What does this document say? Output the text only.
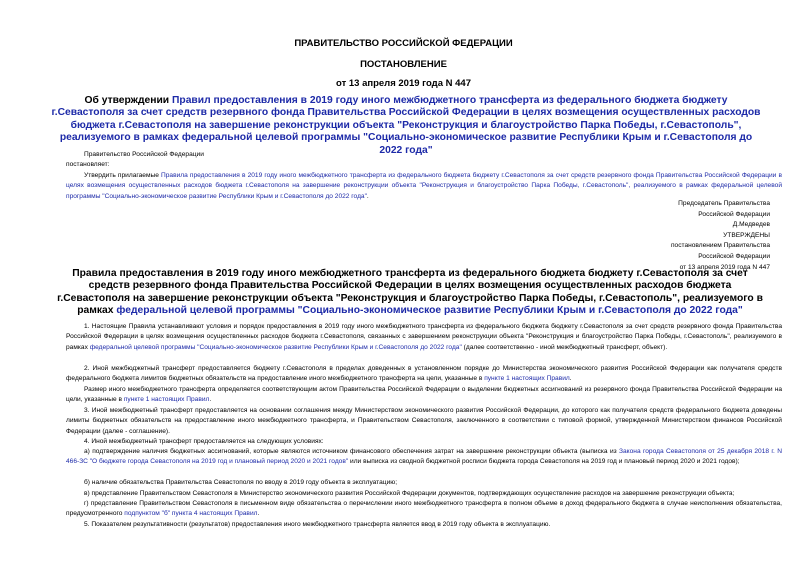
ПРАВИТЕЛЬСТВО РОССИЙСКОЙ ФЕДЕРАЦИИ
ПОСТАНОВЛЕНИЕ
от 13 апреля 2019 года N 447
Об утверждении Правил предоставления в 2019 году иного межбюджетного трансферта из федерального бюджета бюджету г.Севастополя за счет средств резервного фонда Правительства Российской Федерации в целях возмещения осуществленных расходов бюджета г.Севастополя на завершение реконструкции объекта "Реконструкция и благоустройство Парка Победы, г.Севастополь", реализуемого в рамках федеральной целевой программы "Социально-экономическое развитие Республики Крым и г.Севастополя до 2022 года"
Правительство Российской Федерации
постановляет:
Утвердить прилагаемые Правила предоставления в 2019 году иного межбюджетного трансферта из федерального бюджета бюджету г.Севастополя за счет средств резервного фонда Правительства Российской Федерации в целях возмещения осуществленных расходов бюджета г.Севастополя на завершение реконструкции объекта "Реконструкция и благоустройство Парка Победы, г.Севастополь", реализуемого в рамках федеральной целевой программы "Социально-экономическое развитие Республики Крым и г.Севастополя до 2022 года".
Председатель Правительства
Российской Федерации
Д.Медведев
УТВЕРЖДЕНЫ
постановлением Правительства
Российской Федерации
от 13 апреля 2019 года N 447
Правила предоставления в 2019 году иного межбюджетного трансферта из федерального бюджета бюджету г.Севастополя за счет средств резервного фонда Правительства Российской Федерации в целях возмещения осуществленных расходов бюджета г.Севастополя на завершение реконструкции объекта "Реконструкция и благоустройство Парка Победы, г.Севастополь", реализуемого в рамках федеральной целевой программы "Социально-экономическое развитие Республики Крым и г.Севастополя до 2022 года"
1. Настоящие Правила устанавливают условия и порядок предоставления в 2019 году иного межбюджетного трансферта из федерального бюджета бюджету г.Севастополя за счет средств резервного фонда Правительства Российской Федерации в целях возмещения осуществленных расходов бюджета г.Севастополя, связанных с завершением реконструкции объекта "Реконструкция и благоустройство Парка Победы, г.Севастополь", реализуемого в рамках федеральной целевой программы "Социально-экономическое развитие Республики Крым и г.Севастополя до 2022 года" (далее соответственно - иной межбюджетный трансферт, объект).
2. Иной межбюджетный трансферт предоставляется бюджету г.Севастополя в пределах доведенных в установленном порядке до Министерства экономического развития Российской Федерации как получателя средств федерального бюджета лимитов бюджетных обязательств на предоставление иного межбюджетного трансферта на цели, указанные в пункте 1 настоящих Правил.
Размер иного межбюджетного трансферта определяется соответствующим актом Правительства Российской Федерации о выделении бюджетных ассигнований из резервного фонда Правительства Российской Федерации на цели, указанные в пункте 1 настоящих Правил.
3. Иной межбюджетный трансферт предоставляется на основании соглашения между Министерством экономического развития Российской Федерации, до которого как получателя средств федерального бюджета доведены лимиты бюджетных обязательств на предоставление иного межбюджетного трансферта, и Правительством Севастополя, заключенного в соответствии с типовой формой, утвержденной Министерством финансов Российской Федерации (далее - соглашение).
4. Иной межбюджетный трансферт предоставляется на следующих условиях:
а) подтверждение наличия бюджетных ассигнований, которые являются источником финансового обеспечения затрат на завершение реконструкции объекта (выписка из Закона города Севастополя от 25 декабря 2018 г. N 466-ЗС "О бюджете города Севастополя на 2019 год и плановый период 2020 и 2021 годов" или выписка из сводной бюджетной росписи бюджета города Севастополя на 2019 год и плановый период 2020 и 2021 годов);
б) наличие обязательства Правительства Севастополя по вводу в 2019 году объекта в эксплуатацию;
в) представление Правительством Севастополя в Министерство экономического развития Российской Федерации документов, подтверждающих осуществление расходов на завершение реконструкции объекта;
г) представление Правительством Севастополя в письменном виде обязательства о перечислении иного межбюджетного трансферта в полном объеме в доход федерального бюджета в случае неисполнения обязательства, предусмотренного подпунктом "б" пункта 4 настоящих Правил.
5. Показателем результативности (результатов) предоставления иного межбюджетного трансферта является ввод в 2019 году объекта в эксплуатацию.
